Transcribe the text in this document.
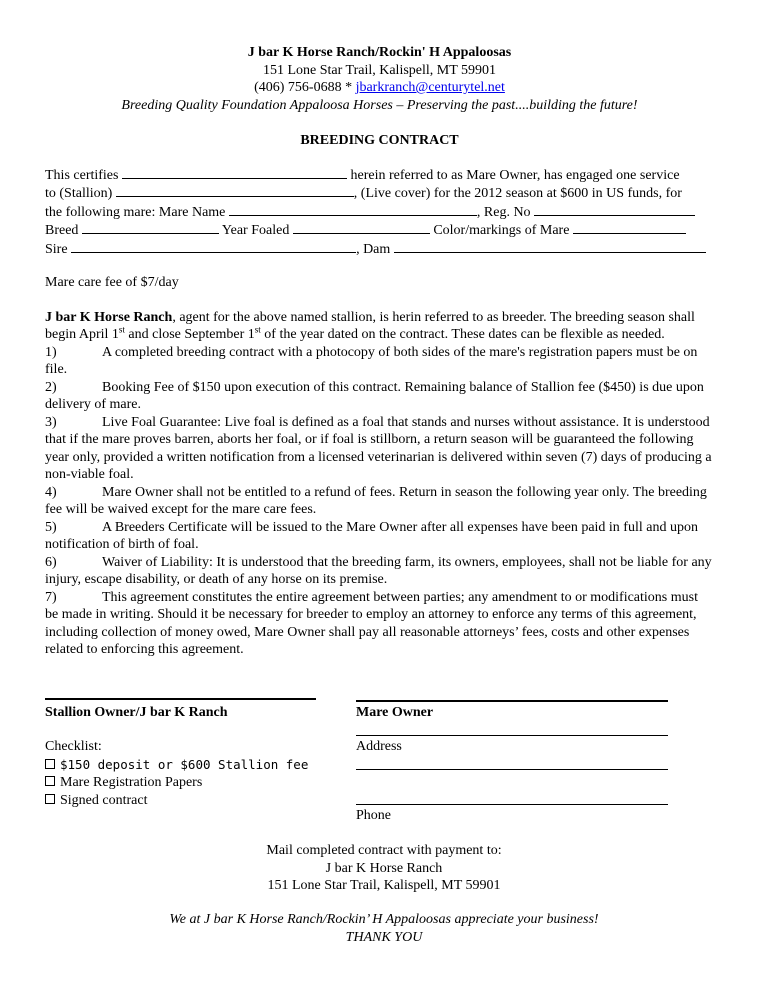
J bar K Horse Ranch/Rockin' H Appaloosas

151 Lone Star Trail, Kalispell, MT 59901

(406) 756-0688 * jbarkranch@centurytel.net

Breeding Quality Foundation Appaloosa Horses – Preserving the past....building the future!

BREEDING CONTRACT

This certifies	herein referred to as Mare Owner, has engaged one service

to (Stallion)	, (Live cover) for the 2012 season at $600 in US funds, for

the following mare: Mare Name	, Reg. No

Breed	Year Foaled	Color/markings of Mare

Sire	, Dam

Mare care fee of $7/day

J bar K Horse Ranch, agent for the above named stallion, is herin referred to as breeder. The breeding season shall begin April 1st and close September 1st of the year dated on the contract. These dates can be flexible as needed.

1)	A completed breeding contract with a photocopy of both sides of the mare's registration papers must be on file.

2)	Booking Fee of $150 upon execution of this contract. Remaining balance of Stallion fee ($450) is due upon delivery of mare.

3)	Live Foal Guarantee: Live foal is defined as a foal that stands and nurses without assistance. It is understood that if the mare proves barren, aborts her foal, or if foal is stillborn, a return season will be guaranteed the following year only, provided a written notification from a licensed veterinarian is delivered within seven (7) days of producing a non-viable foal.

4)	Mare Owner shall not be entitled to a refund of fees. Return in season the following year only. The breeding fee will be waived except for the mare care fees.

5)	A Breeders Certificate will be issued to the Mare Owner after all expenses have been paid in full and upon notification of birth of foal.

6)	Waiver of Liability: It is understood that the breeding farm, its owners, employees, shall not be liable for any injury, escape disability, or death of any horse on its premise.

7)	This agreement constitutes the entire agreement between parties; any amendment to or modifications must be made in writing. Should it be necessary for breeder to employ an attorney to enforce any terms of this agreement, including collection of money owed, Mare Owner shall pay all reasonable attorneys’ fees, costs and other expenses related to enforcing this agreement.

Stallion Owner/J bar K Ranch	Mare Owner
Address
Phone

Checklist:

$150 deposit or $600 Stallion fee

Mare Registration Papers

Signed contract

Mail completed contract with payment to:

J bar K Horse Ranch

151 Lone Star Trail, Kalispell, MT 59901

We at J bar K Horse Ranch/Rockin’ H Appaloosas appreciate your business!

THANK YOU
